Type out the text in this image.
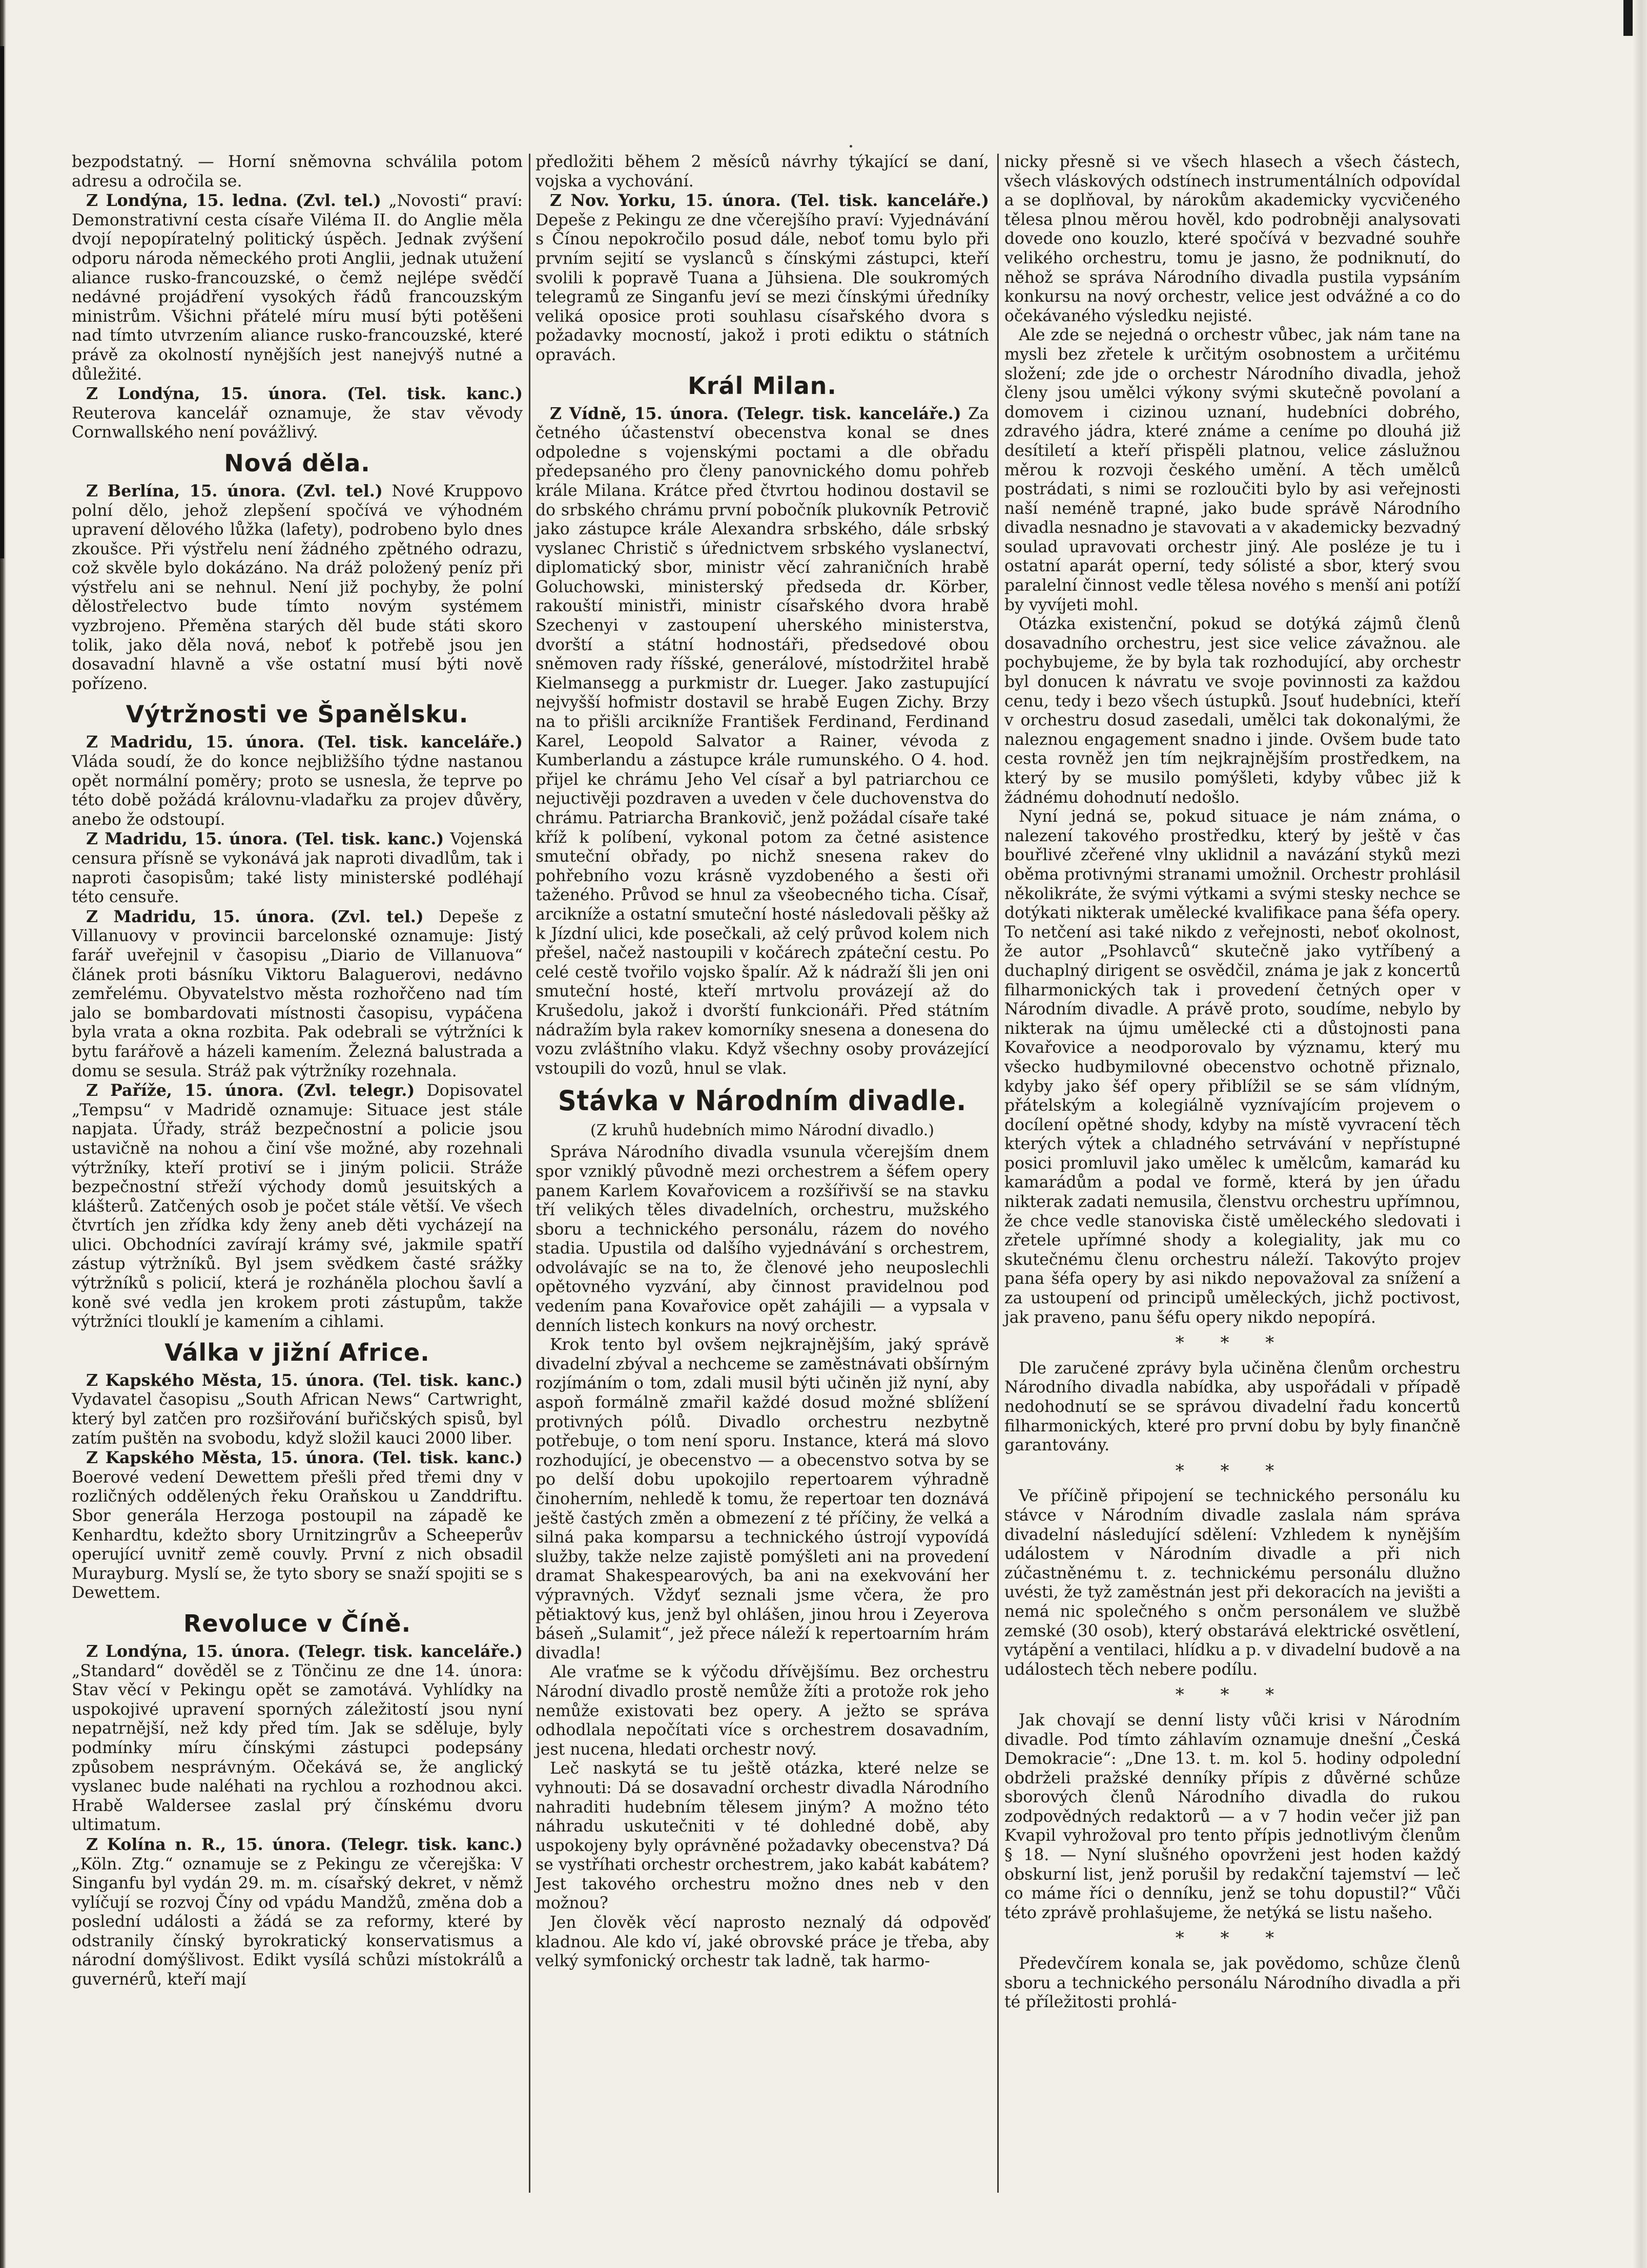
bezpodstatný. — Horní sněmovna schválila potom adresu a odročila se.

Z Londýna, 15. ledna. (Zvl. tel.) „Novosti“ praví: Demonstrativní cesta císaře Viléma II. do Anglie měla dvojí nepopíratelný politický úspěch. Jednak zvýšení odporu národa německého proti Anglii, jednak utužení aliance rusko-francouzské, o čemž nejlépe svědčí nedávné projádření vysokých řádů francouzským ministrům. Všichni přátelé míru musí býti potěšeni nad tímto utvrzením aliance rusko-francouzské, které právě za okolností nynějších jest nanejvýš nutné a důležité.

Z Londýna, 15. února. (Tel. tisk. kanc.) Reuterova kancelář oznamuje, že stav věvody Cornwallského není povážlivý.

Nová děla.

Z Berlína, 15. února. (Zvl. tel.) Nové Kruppovo polní dělo, jehož zlepšení spočívá ve výhodném upravení dělového lůžka (lafety), podrobeno bylo dnes zkoušce. Při výstřelu není žádného zpětného odrazu, což skvěle bylo dokázáno. Na dráž položený peníz při výstřelu ani se nehnul. Není již pochyby, že polní dělostřelectvo bude tímto novým systémem vyzbrojeno. Přeměna starých děl bude státi skoro tolik, jako děla nová, neboť k potřebě jsou jen dosavadní hlavně a vše ostatní musí býti nově pořízeno.

Výtržnosti ve Španělsku.

Z Madridu, 15. února. (Tel. tisk. kanceláře.) Vláda soudí, že do konce nejbližšího týdne nastanou opět normální poměry; proto se usnesla, že teprve po této době požádá královnu-vladařku za projev důvěry, anebo že odstoupí.

Z Madridu, 15. února. (Tel. tisk. kanc.) Vojenská censura přísně se vykonává jak naproti divadlům, tak i naproti časopisům; také listy ministerské podléhají této censuře.

Z Madridu, 15. února. (Zvl. tel.) Depeše z Villanuovy v provincii barcelonské oznamuje: Jistý farář uveřejnil v časopisu „Diario de Villanuova“ článek proti básníku Viktoru Balaguerovi, nedávno zemřelému. Obyvatelstvo města rozhořčeno nad tím jalo se bombardovati místnosti časopisu, vypáčena byla vrata a okna rozbita. Pak odebrali se výtržníci k bytu farářově a házeli kamením. Železná balustrada a domu se sesula. Stráž pak výtržníky rozehnala.

Z Paříže, 15. února. (Zvl. telegr.) Dopisovatel „Tempsu“ v Madridě oznamuje: Situace jest stále napjata. Úřady, stráž bezpečnostní a policie jsou ustavičně na nohou a činí vše možné, aby rozehnali výtržníky, kteří protiví se i jiným policii. Stráže bezpečnostní střeží východy domů jesuitských a klášterů. Zatčených osob je počet stále větší. Ve všech čtvrtích jen zřídka kdy ženy aneb děti vycházejí na ulici. Obchodníci zavírají krámy své, jakmile spatří zástup výtržníků. Byl jsem svědkem časté srážky výtržníků s policií, která je rozháněla plochou šavlí a koně své vedla jen krokem proti zástupům, takže výtržníci tlouklí je kamením a cihlami.

Válka v jižní Africe.

Z Kapského Města, 15. února. (Tel. tisk. kanc.) Vydavatel časopisu „South African News“ Cartwright, který byl zatčen pro rozšiřování buřičských spisů, byl zatím puštěn na svobodu, když složil kauci 2000 liber.

Z Kapského Města, 15. února. (Tel. tisk. kanc.) Boerové vedení Dewettem přešli před třemi dny v rozličných oddělených řeku Oraňskou u Zanddriftu. Sbor generála Herzoga postoupil na západě ke Kenhardtu, kdežto sbory Urnitzingrův a Scheeperův operující uvnitř země couvly. První z nich obsadil Murayburg. Myslí se, že tyto sbory se snaží spojiti se s Dewettem.

Revoluce v Číně.

Z Londýna, 15. února. (Telegr. tisk. kanceláře.) „Standard“ dověděl se z Tönčinu ze dne 14. února: Stav věcí v Pekingu opět se zamotává. Vyhlídky na uspokojivé upravení sporných záležitostí jsou nyní nepatrnější, než kdy před tím. Jak se sděluje, byly podmínky míru čínskými zástupci podepsány způsobem nesprávným. Očekává se, že anglický vyslanec bude naléhati na rychlou a rozhodnou akci. Hrabě Waldersee zaslal prý čínskému dvoru ultimatum.

Z Kolína n. R., 15. února. (Telegr. tisk. kanc.) „Köln. Ztg.“ oznamuje se z Pekingu ze včerejška: V Singanfu byl vydán 29. m. m. císařský dekret, v němž vylíčují se rozvoj Číny od vpádu Mandžů, změna dob a poslední události a žádá se za reformy, které by odstranily čínský byrokratický konservatismus a národní domýšlivost. Edikt vysílá schůzi místokrálů a guvernérů, kteří mají

předložiti během 2 měsíců návrhy týkající se daní, vojska a vychování.

Z Nov. Yorku, 15. února. (Tel. tisk. kanceláře.) Depeše z Pekingu ze dne včerejšího praví: Vyjednávání s Čínou nepokročilo posud dále, neboť tomu bylo při prvním sejití se vyslanců s čínskými zástupci, kteří svolili k popravě Tuana a Jühsiena. Dle soukromých telegramů ze Singanfu jeví se mezi čínskými úředníky veliká oposice proti souhlasu císařského dvora s požadavky mocností, jakož i proti ediktu o státních opravách.

Král Milan.

Z Vídně, 15. února. (Telegr. tisk. kanceláře.) Za četného účastenství obecenstva konal se dnes odpoledne s vojenskými poctami a dle obřadu předepsaného pro členy panovnického domu pohřeb krále Milana. Krátce před čtvrtou hodinou dostavil se do srbského chrámu první pobočník plukovník Petrovič jako zástupce krále Alexandra srbského, dále srbský vyslanec Christič s úřednictvem srbského vyslanectví, diplomatický sbor, ministr věcí zahraničních hrabě Goluchowski, ministerský předseda dr. Körber, rakouští ministři, ministr císařského dvora hrabě Szechenyi v zastoupení uherského ministerstva, dvorští a státní hodnostáři, předsedové obou sněmoven rady říšské, generálové, místodržitel hrabě Kielmansegg a purkmistr dr. Lueger. Jako zastupující nejvyšší hofmistr dostavil se hrabě Eugen Zichy. Brzy na to přišli arcikníže František Ferdinand, Ferdinand Karel, Leopold Salvator a Rainer, vévoda z Kumberlandu a zástupce krále rumunského. O 4. hod. přijel ke chrámu Jeho Vel císař a byl patriarchou ce nejuctivěji pozdraven a uveden v čele duchovenstva do chrámu. Patriarcha Brankovič, jenž požádal císaře také kříž k políbení, vykonal potom za četné asistence smuteční obřady, po nichž snesena rakev do pohřebního vozu krásně vyzdobeného a šesti oři taženého. Průvod se hnul za všeobecného ticha. Císař, arcikníže a ostatní smuteční hosté následovali pěšky až k Jízdní ulici, kde posečkali, až celý průvod kolem nich přešel, načež nastoupili v kočárech zpáteční cestu. Po celé cestě tvořilo vojsko špalír. Až k nádraží šli jen oni smuteční hosté, kteří mrtvolu provázejí až do Krušedolu, jakož i dvorští funkcionáři. Před státním nádražím byla rakev komorníky snesena a donesena do vozu zvláštního vlaku. Když všechny osoby provázející vstoupili do vozů, hnul se vlak.

Stávka v Národním divadle.
(Z kruhů hudebních mimo Národní divadlo.)

Správa Národního divadla vsunula včerejším dnem spor vzniklý původně mezi orchestrem a šéfem opery panem Karlem Kovařovicem a rozšířivší se na stavku tří velikých těles divadelních, orchestru, mužského sboru a technického personálu, rázem do nového stadia. Upustila od dalšího vyjednávání s orchestrem, odvolávajíc se na to, že členové jeho neuposlechli opětovného vyzvání, aby činnost pravidelnou pod vedením pana Kovařovice opět zahájili — a vypsala v denních listech konkurs na nový orchestr.

Krok tento byl ovšem nejkrajnějším, jaký správě divadelní zbýval a nechceme se zaměstnávati obšírným rozjímáním o tom, zdali musil býti učiněn již nyní, aby aspoň formálně zmařil každé dosud možné sblížení protivných pólů. Divadlo orchestru nezbytně potřebuje, o tom není sporu. Instance, která má slovo rozhodující, je obecenstvo — a obecenstvo sotva by se po delší dobu upokojilo repertoarem výhradně činoherním, nehledě k tomu, že repertoar ten doznává ještě častých změn a obmezení z té příčiny, že velká a silná paka komparsu a technického ústrojí vypovídá služby, takže nelze zajistě pomýšleti ani na provedení dramat Shakespearových, ba ani na exekvování her výpravných. Vždyť seznali jsme včera, že pro pětiaktový kus, jenž byl ohlášen, jinou hrou i Zeyerova báseň „Sulamit“, jež přece náleží k repertoarním hrám divadla!

Ale vraťme se k výčodu dřívějšímu. Bez orchestru Národní divadlo prostě nemůže žíti a protože rok jeho nemůže existovati bez opery. A ježto se správa odhodlala nepočítati více s orchestrem dosavadním, jest nucena, hledati orchestr nový.

Leč naskytá se tu ještě otázka, které nelze se vyhnouti: Dá se dosavadní orchestr divadla Národního nahraditi hudebním tělesem jiným? A možno této náhradu uskutečniti v té dohledné době, aby uspokojeny byly oprávněné požadavky obecenstva? Dá se vystříhati orchestr orchestrem, jako kabát kabátem? Jest takového orchestru možno dnes neb v den možnou?

Jen člověk věcí naprosto neznalý dá odpověď kladnou. Ale kdo ví, jaké obrovské práce je třeba, aby velký symfonický orchestr tak ladně, tak harmo-

nicky přesně si ve všech hlasech a všech částech, všech vláskových odstínech instrumentálních odpovídal a se doplňoval, by nárokům akademicky vycvičeného tělesa plnou měrou hověl, kdo podrobněji analysovati dovede ono kouzlo, které spočívá v bezvadné souhře velikého orchestru, tomu je jasno, že podniknutí, do něhož se správa Národního divadla pustila vypsáním konkursu na nový orchestr, velice jest odvážné a co do očekávaného výsledku nejisté.

Ale zde se nejedná o orchestr vůbec, jak nám tane na mysli bez zřetele k určitým osobnostem a určitému složení; zde jde o orchestr Národního divadla, jehož členy jsou umělci výkony svými skutečně povolaní a domovem i cizinou uznaní, hudebníci dobrého, zdravého jádra, které známe a ceníme po dlouhá již desítiletí a kteří přispěli platnou, velice záslužnou měrou k rozvoji českého umění. A těch umělců postrádati, s nimi se rozloučiti bylo by asi veřejnosti naší neméně trapné, jako bude správě Národního divadla nesnadno je stavovati a v akademicky bezvadný soulad upravovati orchestr jiný. Ale posléze je tu i ostatní aparát operní, tedy sólisté a sbor, který svou paralelní činnost vedle tělesa nového s menší ani potíží by vyvíjeti mohl.

Otázka existenční, pokud se dotýká zájmů členů dosavadního orchestru, jest sice velice závažnou. ale pochybujeme, že by byla tak rozhodující, aby orchestr byl donucen k návratu ve svoje povinnosti za každou cenu, tedy i bezo všech ústupků. Jsouť hudebníci, kteří v orchestru dosud zasedali, umělci tak dokonalými, že naleznou engagement snadno i jinde. Ovšem bude tato cesta rovněž jen tím nejkrajnějším prostředkem, na který by se musilo pomýšleti, kdyby vůbec již k žádnému dohodnutí nedošlo.

Nyní jedná se, pokud situace je nám známa, o nalezení takového prostředku, který by ještě v čas bouřlivé zčeřené vlny uklidnil a navázání styků mezi oběma protivnými stranami umožnil. Orchestr prohlásil několikráte, že svými výtkami a svými stesky nechce se dotýkati nikterak umělecké kvalifikace pana šéfa opery. To netčení asi také nikdo z veřejnosti, neboť okolnost, že autor „Psohlavců“ skutečně jako vytříbený a duchaplný dirigent se osvědčil, známa je jak z koncertů filharmonických tak i provedení četných oper v Národním divadle. A právě proto, soudíme, nebylo by nikterak na újmu umělecké cti a důstojnosti pana Kovařovice a neodporovalo by významu, který mu všecko hudbymilovné obecenstvo ochotně přiznalo, kdyby jako šéf opery přiblížil se se sám vlídným, přátelským a kolegiálně vyznívajícím projevem o docílení opětné shody, kdyby na místě vyvracení těch kterých výtek a chladného setrvávání v nepřístupné posici promluvil jako umělec k umělcům, kamarád ku kamarádům a podal ve formě, která by jen úřadu nikterak zadati nemusila, členstvu orchestru upřímnou, že chce vedle stanoviska čistě uměleckého sledovati i zřetele upřímné shody a kolegiality, jak mu co skutečnému členu orchestru náleží. Takovýto projev pana šéfa opery by asi nikdo nepovažoval za snížení a za ustoupení od principů uměleckých, jichž poctivost, jak praveno, panu šéfu opery nikdo nepopírá.

* * *

Dle zaručené zprávy byla učiněna členům orchestru Národního divadla nabídka, aby uspořádali v případě nedohodnutí se se správou divadelní řadu koncertů filharmonických, které pro první dobu by byly finančně garantovány.

* * *

Ve příčině připojení se technického personálu ku stávce v Národním divadle zaslala nám správa divadelní následující sdělení: Vzhledem k nynějším událostem v Národním divadle a při nich zúčastněnému t. z. technickému personálu dlužno uvésti, že tyž zaměstnán jest při dekoracích na jevišti a nemá nic společného s ončm personálem ve službě zemské (30 osob), který obstarává elektrické osvětlení, vytápění a ventilaci, hlídku a p. v divadelní budově a na událostech těch nebere podílu.

* * *

Jak chovají se denní listy vůči krisi v Národním divadle. Pod tímto záhlavím oznamuje dnešní „Česká Demokracie“: „Dne 13. t. m. kol 5. hodiny odpolední obdrželi pražské denníky přípis z důvěrné schůze sborových členů Národního divadla do rukou zodpovědných redaktorů — a v 7 hodin večer již pan Kvapil vyhrožoval pro tento přípis jednotlivým členům § 18. — Nyní slušného opovrženi jest hoden každý obskurní list, jenž porušil by redakční tajemství — leč co máme říci o denníku, jenž se tohu dopustil?“ Vůči této zprávě prohlašujeme, že netýká se listu našeho.

* * *

Předevčírem konala se, jak povědomo, schůze členů sboru a technického personálu Národního divadla a při té příležitosti prohlá-
